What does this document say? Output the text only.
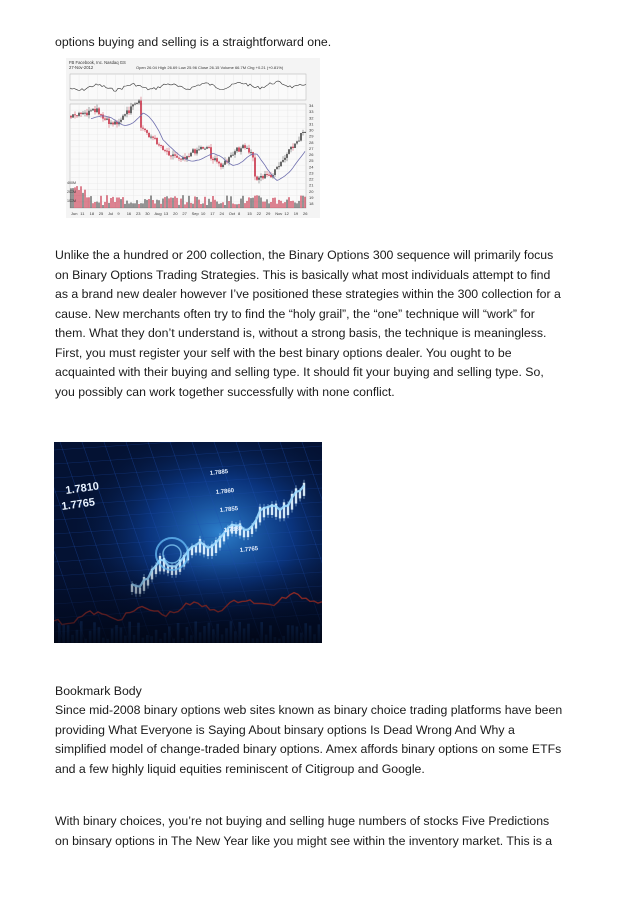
options buying and selling is a straightforward one.
FB Facebook, Inc. Nasdaq GS
27-Nov-2012	Open 26.04 High 26.69 Low 25.96 Close 26.15 Volume 66.7M Chg +0.21 (+0.81%)
34
33
32
31
30
29
28
27
26
25
24
23
22
21
20
19
18
400M
200M
100M
Jun 11 18 25 Jul 9 16 23 30 Aug 13 20 27 Sep 10 17 24 Oct 8 15 22 29 Nov 12 19 26

Unlike the a hundred or 200 collection, the Binary Options 300 sequence will primarily focus

on Binary Options Trading Strategies. This is basically what most individuals attempt to find

as a brand new dealer however I’ve positioned these strategies within the 300 collection for a

cause. New merchants often try to find the “holy grail”, the “one” technique will “work” for

them. What they don’t understand is, without a strong basis, the technique is meaningless.

First, you must register your self with the best binary options dealer. You ought to be

acquainted with their buying and selling type. It should fit your buying and selling type. So,

you possibly can work together successfully with none conflict.

1.7810
1.7765
1.7885
1.7860
1.7855
1.7880
1.7765
Bookmark Body

Since mid-2008 binary options web sites known as binary choice trading platforms have been

providing What Everyone is Saying About binsary options Is Dead Wrong And Why a

simplified model of change-traded binary options. Amex affords binary options on some ETFs

and a few highly liquid equities reminiscent of Citigroup and Google.

With binary choices, you’re not buying and selling huge numbers of stocks Five Predictions

on binsary options in The New Year like you might see within the inventory market. This is a
